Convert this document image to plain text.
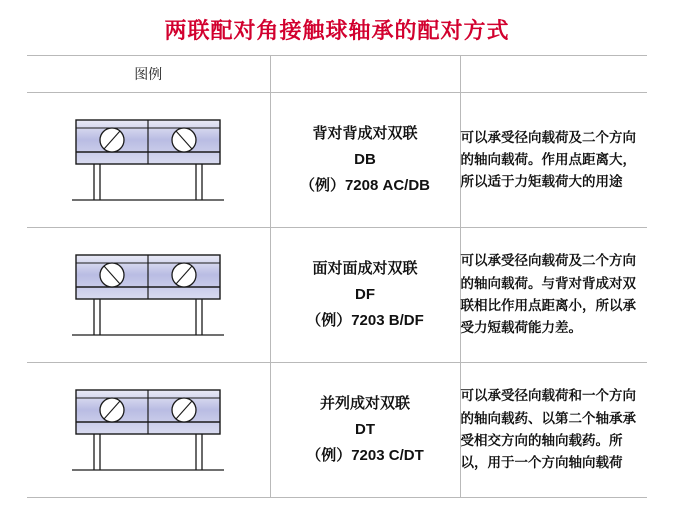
两联配对角接触球轴承的配对方式
图例		

背对背成对双联
DB
（例）7208 AC/DB	可以承受径向载荷及二个方向的轴向载荷。作用点距离大，所以适于力矩载荷大的用途

面对面成对双联
DF
（例）7203 B/DF	可以承受径向载荷及二个方向的轴向载荷。与背对背成对双联相比作用点距离小，所以承受力短载荷能力差。

并列成对双联
DT
（例）7203 C/DT	可以承受径向载荷和一个方向的轴向载药、以第二个轴承承受相交方向的轴向载药。所以，用于一个方向轴向载荷
